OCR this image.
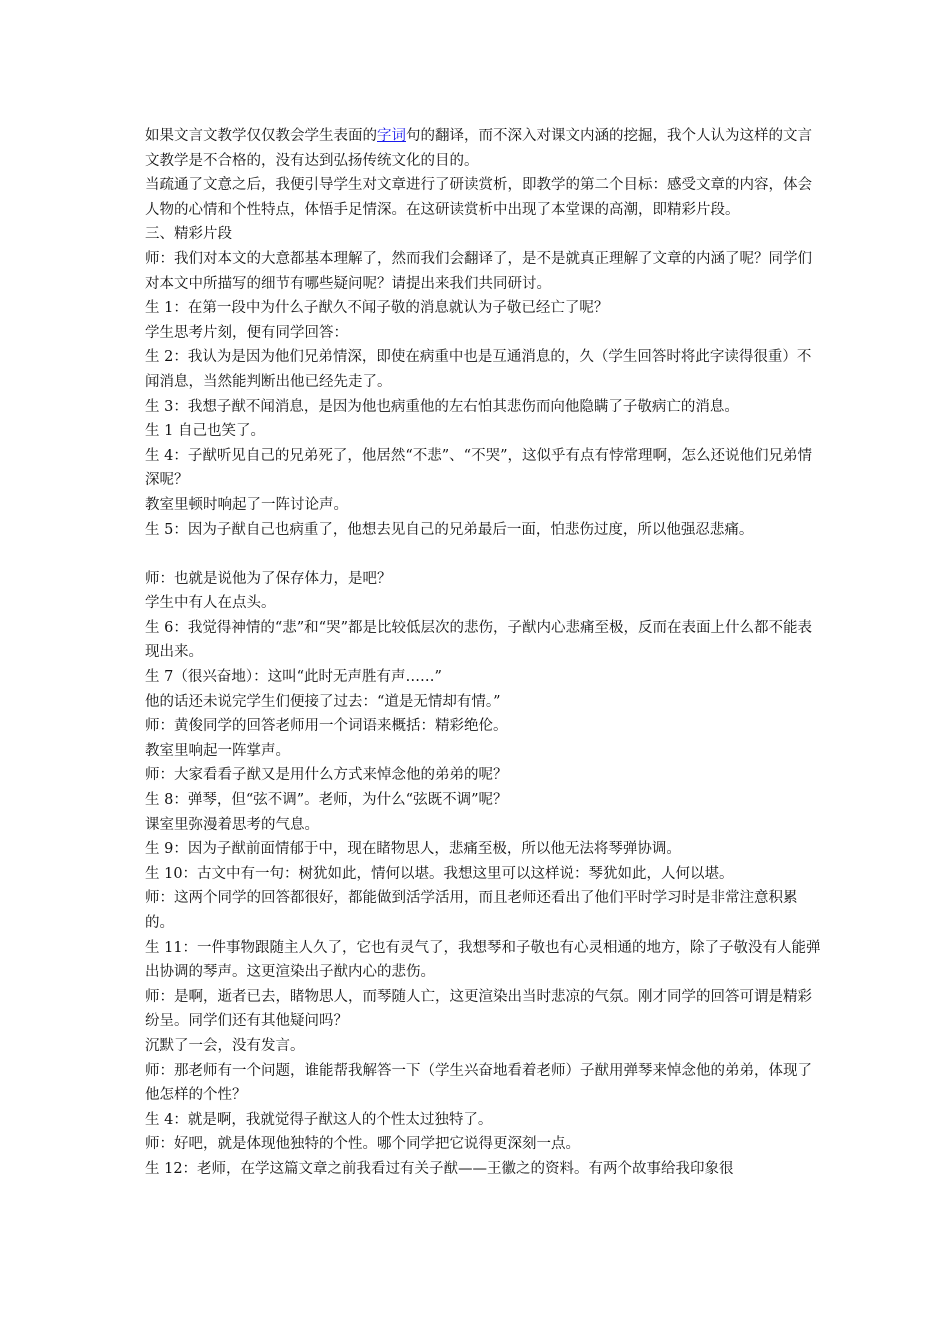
如果文言文教学仅仅教会学生表面的字词句的翻译，而不深入对课文内涵的挖掘，我个人认为这样的文言文教学是不合格的，没有达到弘扬传统文化的目的。

当疏通了文意之后，我便引导学生对文章进行了研读赏析，即教学的第二个目标：感受文章的内容，体会人物的心情和个性特点，体悟手足情深。在这研读赏析中出现了本堂课的高潮，即精彩片段。

三、精彩片段

师：我们对本文的大意都基本理解了，然而我们会翻译了，是不是就真正理解了文章的内涵了呢？同学们对本文中所描写的细节有哪些疑问呢？请提出来我们共同研讨。

生 1：在第一段中为什么子猷久不闻子敬的消息就认为子敬已经亡了呢？

学生思考片刻，便有同学回答：

生 2：我认为是因为他们兄弟情深，即使在病重中也是互通消息的，久（学生回答时将此字读得很重）不闻消息，当然能判断出他已经先走了。

生 3：我想子猷不闻消息，是因为他也病重他的左右怕其悲伤而向他隐瞒了子敬病亡的消息。

生 1 自己也笑了。

生 4：子猷听见自己的兄弟死了，他居然“不悲”、“不哭”，这似乎有点有悖常理啊，怎么还说他们兄弟情深呢？

教室里顿时响起了一阵讨论声。

生 5：因为子猷自己也病重了，他想去见自己的兄弟最后一面，怕悲伤过度，所以他强忍悲痛。

师：也就是说他为了保存体力，是吧？

学生中有人在点头。

生 6：我觉得神情的“悲”和“哭”都是比较低层次的悲伤，子猷内心悲痛至极，反而在表面上什么都不能表现出来。

生 7（很兴奋地）：这叫“此时无声胜有声……”

他的话还未说完学生们便接了过去：“道是无情却有情。”

师：黄俊同学的回答老师用一个词语来概括：精彩绝伦。

教室里响起一阵掌声。

师：大家看看子猷又是用什么方式来悼念他的弟弟的呢？

生 8：弹琴，但“弦不调”。老师，为什么“弦既不调”呢？

课室里弥漫着思考的气息。

生 9：因为子猷前面情郁于中，现在睹物思人，悲痛至极，所以他无法将琴弹协调。

生 10：古文中有一句：树犹如此，情何以堪。我想这里可以这样说：琴犹如此，人何以堪。

师：这两个同学的回答都很好，都能做到活学活用，而且老师还看出了他们平时学习时是非常注意积累的。

生 11：一件事物跟随主人久了，它也有灵气了，我想琴和子敬也有心灵相通的地方，除了子敬没有人能弹出协调的琴声。这更渲染出子猷内心的悲伤。

师：是啊，逝者已去，睹物思人，而琴随人亡，这更渲染出当时悲凉的气氛。刚才同学的回答可谓是精彩纷呈。同学们还有其他疑问吗？

沉默了一会，没有发言。

师：那老师有一个问题，谁能帮我解答一下（学生兴奋地看着老师）子猷用弹琴来悼念他的弟弟，体现了他怎样的个性？

生 4：就是啊，我就觉得子猷这人的个性太过独特了。

师：好吧，就是体现他独特的个性。哪个同学把它说得更深刻一点。

生 12：老师，在学这篇文章之前我看过有关子猷——王徽之的资料。有两个故事给我印象很
